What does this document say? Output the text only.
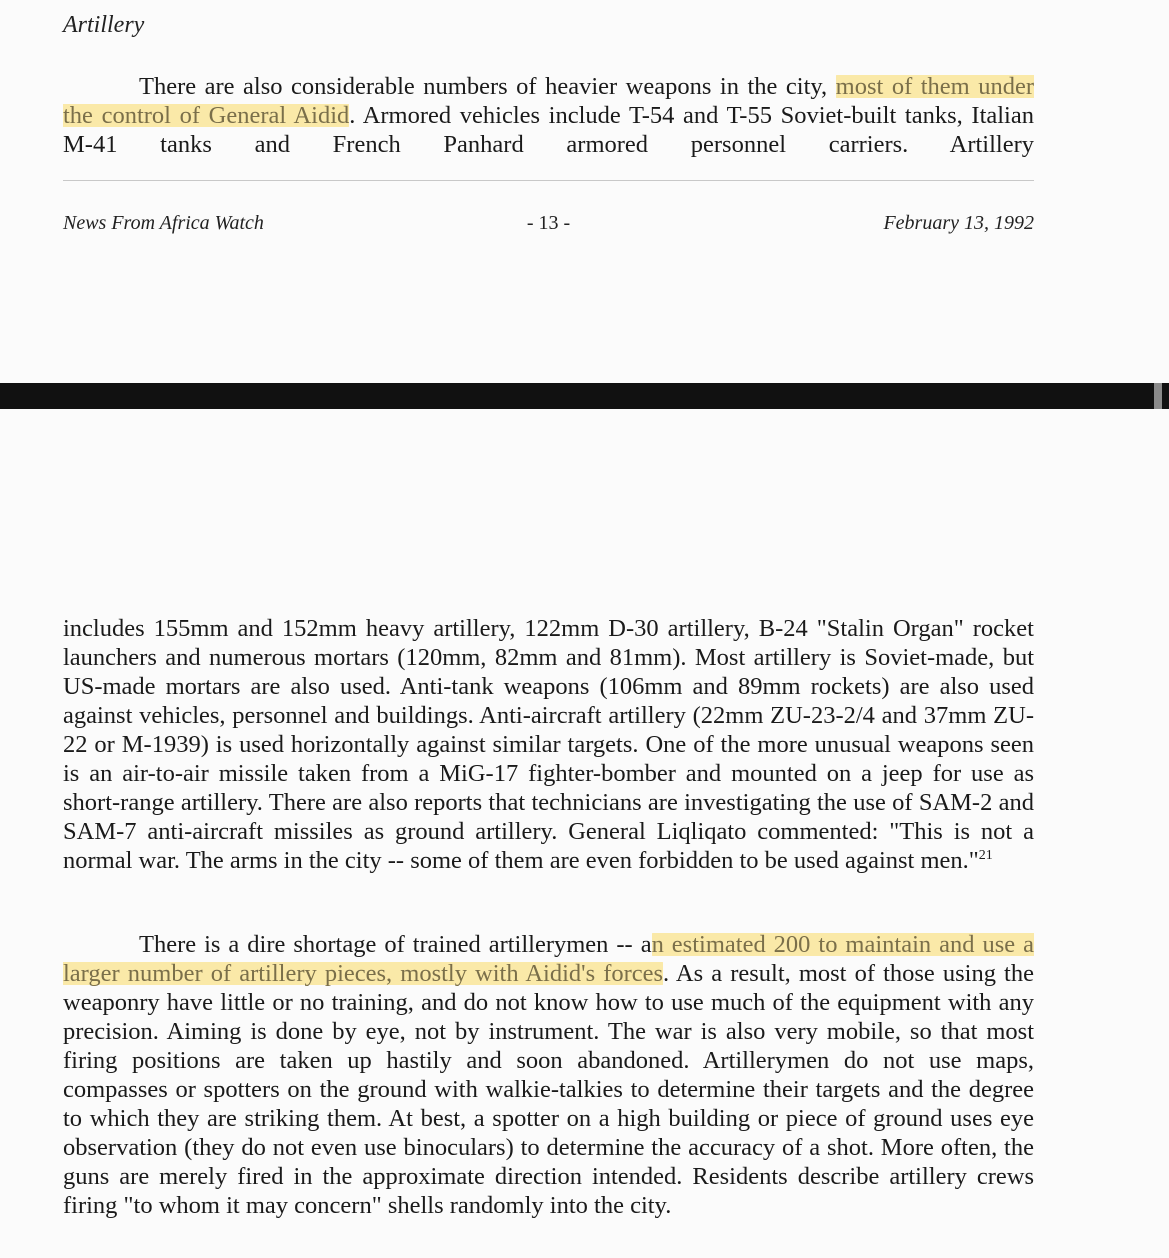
Artillery

There are also considerable numbers of heavier weapons in the city, most of them under the control of General Aidid. Armored vehicles include T-54 and T-55 Soviet-built tanks, Italian M-41 tanks and French Panhard armored personnel carriers. Artillery

News From Africa Watch	- 13 -	February 13, 1992

includes 155mm and 152mm heavy artillery, 122mm D-30 artillery, B-24 "Stalin Organ" rocket launchers and numerous mortars (120mm, 82mm and 81mm). Most artillery is Soviet-made, but US-made mortars are also used. Anti-tank weapons (106mm and 89mm rockets) are also used against vehicles, personnel and buildings. Anti-aircraft artillery (22mm ZU-23-2/4 and 37mm ZU-22 or M-1939) is used horizontally against similar targets. One of the more unusual weapons seen is an air-to-air missile taken from a MiG-17 fighter-bomber and mounted on a jeep for use as short-range artillery. There are also reports that technicians are investigating the use of SAM-2 and SAM-7 anti-aircraft missiles as ground artillery. General Liqliqato commented: "This is not a normal war. The arms in the city -- some of them are even forbidden to be used against men."$^{21}$

There is a dire shortage of trained artillerymen -- an estimated 200 to maintain and use a larger number of artillery pieces, mostly with Aidid's forces. As a result, most of those using the weaponry have little or no training, and do not know how to use much of the equipment with any precision. Aiming is done by eye, not by instrument. The war is also very mobile, so that most firing positions are taken up hastily and soon abandoned. Artillerymen do not use maps, compasses or spotters on the ground with walkie-talkies to determine their targets and the degree to which they are striking them. At best, a spotter on a high building or piece of ground uses eye observation (they do not even use binoculars) to determine the accuracy of a shot. More often, the guns are merely fired in the approximate direction intended. Residents describe artillery crews firing "to whom it may concern" shells randomly into the city.
